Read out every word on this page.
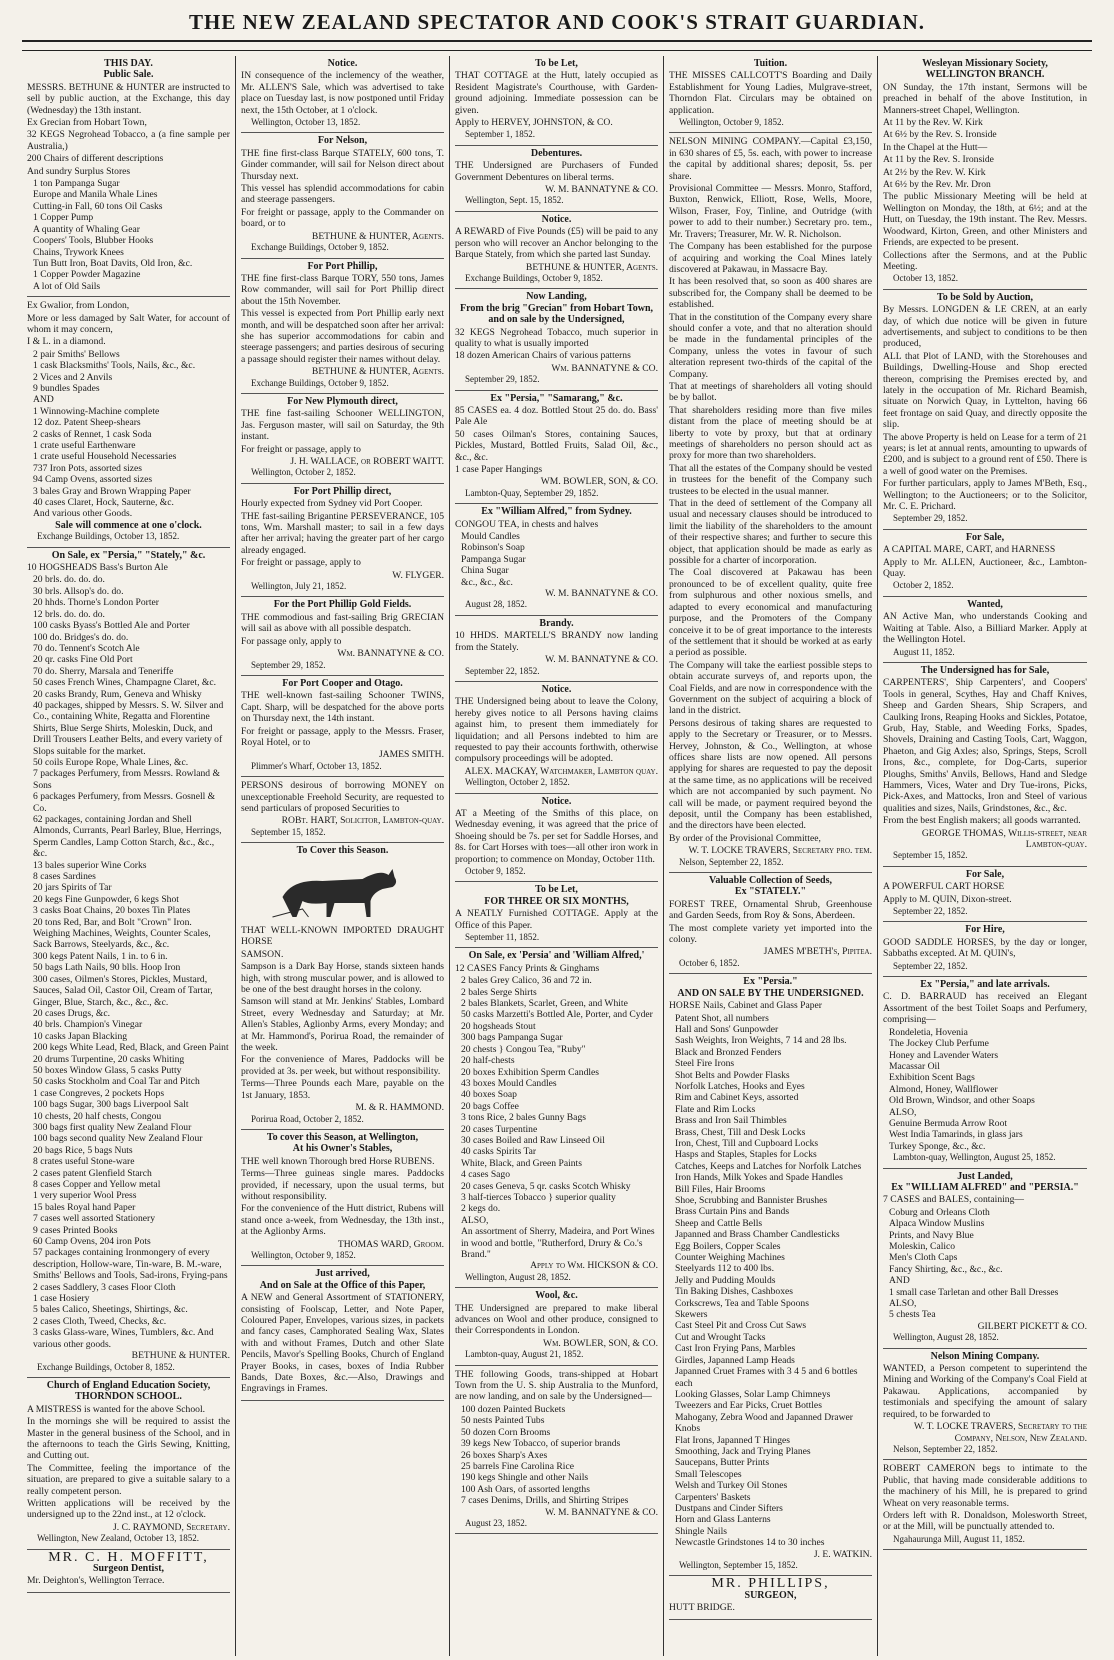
THE NEW ZEALAND SPECTATOR AND COOK'S STRAIT GUARDIAN.
THIS DAY.
Public Sale.
MESSRS. BETHUNE & HUNTER are instructed to sell by public auction, at the Exchange, this day (Wednesday) the 13th instant.
Ex Grecian from Hobart Town,
32 KEGS Negrohead Tobacco, a (a fine sample per Australia,)
200 Chairs of different descriptions
And sundry Surplus Stores
1 ton Pampanga Sugar
Europe and Manila Whale Lines
Cutting-in Fall, 60 tons Oil Casks
1 Copper Pump
A quantity of Whaling Gear
Coopers' Tools, Blubber Hooks
Chains, Trywork Knees
Tun Butt Iron, Boat Davits, Old Iron, &c.
1 Copper Powder Magazine
A lot of Old Sails
Ex Gwalior, from London,
More or less damaged by Salt Water, for account of whom it may concern,
I & L. in a diamond.
2 pair Smiths' Bellows
1 cask Blacksmiths' Tools, Nails, &c., &c.
2 Vices and 2 Anvils
9 bundles Spades
AND
1 Winnowing-Machine complete
12 doz. Patent Sheep-shears
2 casks of Rennet, 1 cask Soda
1 crate useful Earthenware
1 crate useful Household Necessaries
737 Iron Pots, assorted sizes
94 Camp Ovens, assorted sizes
3 bales Gray and Brown Wrapping Paper
40 cases Claret, Hock, Sauterne, &c.
And various other Goods.
Sale will commence at one o'clock.
Exchange Buildings, October 13, 1852.
On Sale, ex "Persia," "Stately," &c.
10 HOGSHEADS Bass's Burton Ale
20 brls. do. do. do.
30 brls. Allsop's do. do.
20 hhds. Thorne's London Porter
12 brls. do. do. do.
100 casks Byass's Bottled Ale and Porter
100 do. Bridges's do. do.
70 do. Tennent's Scotch Ale
20 qr. casks Fine Old Port
70 do. Sherry, Marsala and Teneriffe
50 cases French Wines, Champagne Claret, &c.
20 casks Brandy, Rum, Geneva and Whisky
40 packages, shipped by Messrs. S. W. Silver and Co., containing White, Regatta and Florentine Shirts, Blue Serge Shirts, Moleskin, Duck, and Drill Trousers Leather Belts, and every variety of Slops suitable for the market.
50 coils Europe Rope, Whale Lines, &c.
7 packages Perfumery, from Messrs. Rowland & Sons
6 packages Perfumery, from Messrs. Gosnell & Co.
62 packages, containing Jordan and Shell Almonds, Currants, Pearl Barley, Blue, Herrings, Sperm Candles, Lamp Cotton Starch, &c., &c., &c.
13 bales superior Wine Corks
8 cases Sardines
20 jars Spirits of Tar
20 kegs Fine Gunpowder, 6 kegs Shot
3 casks Boat Chains, 20 boxes Tin Plates
20 tons Red, Bar, and Bolt "Crown" Iron. Weighing Machines, Weights, Counter Scales, Sack Barrows, Steelyards, &c., &c.
300 kegs Patent Nails, 1 in. to 6 in.
50 bags Lath Nails, 90 blls. Hoop Iron
300 cases, Oilmen's Stores, Pickles, Mustard, Sauces, Salad Oil, Castor Oil, Cream of Tartar, Ginger, Blue, Starch, &c., &c., &c.
20 cases Drugs, &c.
40 brls. Champion's Vinegar
10 casks Japan Blacking
200 kegs White Lead, Red, Black, and Green Paint
20 drums Turpentine, 20 casks Whiting
50 boxes Window Glass, 5 casks Putty
50 casks Stockholm and Coal Tar and Pitch
1 case Congreves, 2 pockets Hops
100 bags Sugar, 300 bags Liverpool Salt
10 chests, 20 half chests, Congou
300 bags first quality New Zealand Flour
100 bags second quality New Zealand Flour
20 bags Rice, 5 bags Nuts
8 crates useful Stone-ware
2 cases patent Glenfield Starch
8 cases Copper and Yellow metal
1 very superior Wool Press
15 bales Royal hand Paper
7 cases well assorted Stationery
9 cases Printed Books
60 Camp Ovens, 204 iron Pots
57 packages containing Ironmongery of every description, Hollow-ware, Tin-ware, B. M.-ware, Smiths' Bellows and Tools, Sad-irons, Frying-pans
2 cases Saddlery, 3 cases Floor Cloth
1 case Hosiery
5 bales Calico, Sheetings, Shirtings, &c.
2 cases Cloth, Tweed, Checks, &c.
3 casks Glass-ware, Wines, Tumblers, &c. And various other goods.
BETHUNE & HUNTER.
Exchange Buildings, October 8, 1852.
Church of England Education Society,
THORNDON SCHOOL.
A MISTRESS is wanted for the above School.
In the mornings she will be required to assist the Master in the general business of the School, and in the afternoons to teach the Girls Sewing, Knitting, and Cutting out.
The Committee, feeling the importance of the situation, are prepared to give a suitable salary to a really competent person.
Written applications will be received by the undersigned up to the 22nd inst., at 12 o'clock.
J. C. RAYMOND, Secretary.
Wellington, New Zealand, October 13, 1852.
MR. C. H. MOFFITT,
Surgeon Dentist,
Mr. Deighton's, Wellington Terrace.
Notice.
IN consequence of the inclemency of the weather, Mr. ALLEN'S Sale, which was advertised to take place on Tuesday last, is now postponed until Friday next, the 15th October, at 1 o'clock.
Wellington, October 13, 1852.
For Nelson,
THE fine first-class Barque STATELY, 600 tons, T. Ginder commander, will sail for Nelson direct about Thursday next.
This vessel has splendid accommodations for cabin and steerage passengers.
For freight or passage, apply to the Commander on board, or to
BETHUNE & HUNTER, Agents.
Exchange Buildings, October 9, 1852.
For Port Phillip,
THE fine first-class Barque TORY, 550 tons, James Row commander, will sail for Port Phillip direct about the 15th November.
This vessel is expected from Port Phillip early next month, and will be despatched soon after her arrival: she has superior accommodations for cabin and steerage passengers; and parties desirous of securing a passage should register their names without delay.
BETHUNE & HUNTER, Agents.
Exchange Buildings, October 9, 1852.
For New Plymouth direct,
THE fine fast-sailing Schooner WELLINGTON, Jas. Ferguson master, will sail on Saturday, the 9th instant.
For freight or passage, apply to
J. H. WALLACE, or ROBERT WAITT.
Wellington, October 2, 1852.
For Port Phillip direct,
Hourly expected from Sydney vid Port Cooper.
THE fast-sailing Brigantine PERSEVERANCE, 105 tons, Wm. Marshall master; to sail in a few days after her arrival; having the greater part of her cargo already engaged.
For freight or passage, apply to
W. FLYGER.
Wellington, July 21, 1852.
For the Port Phillip Gold Fields.
THE commodious and fast-sailing Brig GRECIAN will sail as above with all possible despatch.
For passage only, apply to
Wm. BANNATYNE & CO.
September 29, 1852.
For Port Cooper and Otago.
THE well-known fast-sailing Schooner TWINS, Capt. Sharp, will be despatched for the above ports on Thursday next, the 14th instant.
For freight or passage, apply to the Messrs. Fraser, Royal Hotel, or to
JAMES SMITH.
Plimmer's Wharf, October 13, 1852.
PERSONS desirous of borrowing MONEY on unexceptionable Freehold Security, are requested to send particulars of proposed Securities to
ROBt. HART, Solicitor, Lambton-quay.
September 15, 1852.
To Cover this Season.
THAT WELL-KNOWN IMPORTED DRAUGHT HORSE
SAMSON.
Sampson is a Dark Bay Horse, stands sixteen hands high, with strong muscular power, and is allowed to be one of the best draught horses in the colony.
Samson will stand at Mr. Jenkins' Stables, Lombard Street, every Wednesday and Saturday; at Mr. Allen's Stables, Aglionby Arms, every Monday; and at Mr. Hammond's, Porirua Road, the remainder of the week.
For the convenience of Mares, Paddocks will be provided at 3s. per week, but without responsibility.
Terms—Three Pounds each Mare, payable on the 1st January, 1853.
M. & R. HAMMOND.
Porirua Road, October 2, 1852.
To cover this Season, at Wellington,
At his Owner's Stables,
THE well known Thorough bred Horse RUBENS.
Terms—Three guineas single mares. Paddocks provided, if necessary, upon the usual terms, but without responsibility.
For the convenience of the Hutt district, Rubens will stand once a-week, from Wednesday, the 13th inst., at the Aglionby Arms.
THOMAS WARD, Groom.
Wellington, October 9, 1852.
Just arrived,
And on Sale at the Office of this Paper,
A NEW and General Assortment of STATIONERY, consisting of Foolscap, Letter, and Note Paper, Coloured Paper, Envelopes, various sizes, in packets and fancy cases, Camphorated Sealing Wax, Slates with and without Frames, Dutch and other Slate Pencils, Mavor's Spelling Books, Church of England Prayer Books, in cases, boxes of India Rubber Bands, Date Boxes, &c.—Also, Drawings and Engravings in Frames.
To be Let,
THAT COTTAGE at the Hutt, lately occupied as Resident Magistrate's Courthouse, with Garden-ground adjoining. Immediate possession can be given.
Apply to HERVEY, JOHNSTON, & CO.
September 1, 1852.
Debentures.
THE Undersigned are Purchasers of Funded Government Debentures on liberal terms.
W. M. BANNATYNE & CO.
Wellington, Sept. 15, 1852.
Notice.
A REWARD of Five Pounds (£5) will be paid to any person who will recover an Anchor belonging to the Barque Stately, from which she parted last Sunday.
BETHUNE & HUNTER, Agents.
Exchange Buildings, October 9, 1852.
Now Landing,
From the brig "Grecian" from Hobart Town, and on sale by the Undersigned,
32 KEGS Negrohead Tobacco, much superior in quality to what is usually imported
18 dozen American Chairs of various patterns
Wm. BANNATYNE & CO.
September 29, 1852.
Ex "Persia," "Samarang," &c.
85 CASES ea. 4 doz. Bottled Stout 25 do. do. Bass' Pale Ale
50 cases Oilman's Stores, containing Sauces, Pickles, Mustard, Bottled Fruits, Salad Oil, &c., &c., &c.
1 case Paper Hangings
WM. BOWLER, SON, & CO.
Lambton-Quay, September 29, 1852.
Ex "William Alfred," from Sydney.
CONGOU TEA, in chests and halves
Mould Candles
Robinson's Soap
Pampanga Sugar
China Sugar
&c., &c., &c.
W. M. BANNATYNE & CO.
August 28, 1852.
Brandy.
10 HHDS. MARTELL'S BRANDY now landing from the Stately.
W. M. BANNATYNE & CO.
September 22, 1852.
Notice.
THE Undersigned being about to leave the Colony, hereby gives notice to all Persons having claims against him, to present them immediately for liquidation; and all Persons indebted to him are requested to pay their accounts forthwith, otherwise compulsory proceedings will be adopted.
ALEX. MACKAY, Watchmaker, Lambton quay.
Wellington, October 2, 1852.
Notice.
AT a Meeting of the Smiths of this place, on Wednesday evening, it was agreed that the price of Shoeing should be 7s. per set for Saddle Horses, and 8s. for Cart Horses with toes—all other iron work in proportion; to commence on Monday, October 11th.
October 9, 1852.
To be Let,
FOR THREE OR SIX MONTHS,
A NEATLY Furnished COTTAGE. Apply at the Office of this Paper.
September 11, 1852.
On Sale, ex 'Persia' and 'William Alfred,'
12 CASES Fancy Prints & Ginghams
2 bales Grey Calico, 36 and 72 in.
2 bales Serge Shirts
2 bales Blankets, Scarlet, Green, and White
50 casks Marzetti's Bottled Ale, Porter, and Cyder
20 hogsheads Stout
300 bags Pampanga Sugar
20 chests } Congou Tea, "Ruby"
20 half-chests
20 boxes Exhibition Sperm Candles
43 boxes Mould Candles
40 boxes Soap
20 bags Coffee
3 tons Rice, 2 bales Gunny Bags
20 cases Turpentine
30 cases Boiled and Raw Linseed Oil
40 casks Spirits Tar
White, Black, and Green Paints
4 cases Sago
20 cases Geneva, 5 qr. casks Scotch Whisky
3 half-tierces Tobacco } superior quality
2 kegs do.
ALSO,
An assortment of Sherry, Madeira, and Port Wines in wood and bottle, "Rutherford, Drury & Co.'s Brand."
Apply to Wm. HICKSON & CO.
Wellington, August 28, 1852.
Wool, &c.
THE Undersigned are prepared to make liberal advances on Wool and other produce, consigned to their Correspondents in London.
Wm. BOWLER, SON, & CO.
Lambton-quay, August 21, 1852.
THE following Goods, trans-shipped at Hobart Town from the U. S. ship Australia to the Munford, are now landing, and on sale by the Undersigned—
100 dozen Painted Buckets
50 nests Painted Tubs
50 dozen Corn Brooms
39 kegs New Tobacco, of superior brands
26 boxes Sharp's Axes
25 barrels Fine Carolina Rice
190 kegs Shingle and other Nails
100 Ash Oars, of assorted lengths
7 cases Denims, Drills, and Shirting Stripes
W. M. BANNATYNE & CO.
August 23, 1852.
Tuition.
THE MISSES CALLCOTT'S Boarding and Daily Establishment for Young Ladies, Mulgrave-street, Thorndon Flat. Circulars may be obtained on application.
Wellington, October 9, 1852.
NELSON MINING COMPANY.—Capital £3,150, in 630 shares of £5, 5s. each, with power to increase the capital by additional shares; deposit, 5s. per share.
Provisional Committee — Messrs. Monro, Stafford, Buxton, Renwick, Elliott, Rose, Wells, Moore, Wilson, Fraser, Foy, Tinline, and Outridge (with power to add to their number.) Secretary pro. tem., Mr. Travers; Treasurer, Mr. W. R. Nicholson.
The Company has been established for the purpose of acquiring and working the Coal Mines lately discovered at Pakawau, in Massacre Bay.
It has been resolved that, so soon as 400 shares are subscribed for, the Company shall be deemed to be established.
That in the constitution of the Company every share should confer a vote, and that no alteration should be made in the fundamental principles of the Company, unless the votes in favour of such alteration represent two-thirds of the capital of the Company.
That at meetings of shareholders all voting should be by ballot.
That shareholders residing more than five miles distant from the place of meeting should be at liberty to vote by proxy, but that at ordinary meetings of shareholders no person should act as proxy for more than two shareholders.
That all the estates of the Company should be vested in trustees for the benefit of the Company such trustees to be elected in the usual manner.
That in the deed of settlement of the Company all usual and necessary clauses should be introduced to limit the liability of the shareholders to the amount of their respective shares; and further to secure this object, that application should be made as early as possible for a charter of incorporation.
The Coal discovered at Pakawau has been pronounced to be of excellent quality, quite free from sulphurous and other noxious smells, and adapted to every economical and manufacturing purpose, and the Promoters of the Company conceive it to be of great importance to the interests of the settlement that it should be worked at as early a period as possible.
The Company will take the earliest possible steps to obtain accurate surveys of, and reports upon, the Coal Fields, and are now in correspondence with the Government on the subject of acquiring a block of land in the district.
Persons desirous of taking shares are requested to apply to the Secretary or Treasurer, or to Messrs. Hervey, Johnston, & Co., Wellington, at whose offices share lists are now opened. All persons applying for shares are requested to pay the deposit at the same time, as no applications will be received which are not accompanied by such payment. No call will be made, or payment required beyond the deposit, until the Company has been established, and the directors have been elected.
By order of the Provisional Committee,
W. T. LOCKE TRAVERS, Secretary pro. tem.
Nelson, September 22, 1852.
Valuable Collection of Seeds,
Ex "STATELY."
FOREST TREE, Ornamental Shrub, Greenhouse and Garden Seeds, from Roy & Sons, Aberdeen.
The most complete variety yet imported into the colony.
JAMES M'BETH's, Pipitea.
October 6, 1852.
Ex "Persia."
AND ON SALE BY THE UNDERSIGNED.
HORSE Nails, Cabinet and Glass Paper
Patent Shot, all numbers
Hall and Sons' Gunpowder
Sash Weights, Iron Weights, 7 14 and 28 lbs.
Black and Bronzed Fenders
Steel Fire Irons
Shot Belts and Powder Flasks
Norfolk Latches, Hooks and Eyes
Rim and Cabinet Keys, assorted
Flate and Rim Locks
Brass and Iron Sail Thimbles
Brass, Chest, Till and Desk Locks
Iron, Chest, Till and Cupboard Locks
Hasps and Staples, Staples for Locks
Catches, Keeps and Latches for Norfolk Latches
Iron Hands, Milk Yokes and Spade Handles
Bill Files, Hair Brooms
Shoe, Scrubbing and Bannister Brushes
Brass Curtain Pins and Bands
Sheep and Cattle Bells
Japanned and Brass Chamber Candlesticks
Egg Boilers, Copper Scales
Counter Weighing Machines
Steelyards 112 to 400 lbs.
Jelly and Pudding Moulds
Tin Baking Dishes, Cashboxes
Corkscrews, Tea and Table Spoons
Skewers
Cast Steel Pit and Cross Cut Saws
Cut and Wrought Tacks
Cast Iron Frying Pans, Marbles
Girdles, Japanned Lamp Heads
Japanned Cruet Frames with 3 4 5 and 6 bottles each
Looking Glasses, Solar Lamp Chimneys
Tweezers and Ear Picks, Cruet Bottles
Mahogany, Zebra Wood and Japanned Drawer Knobs
Flat Irons, Japanned T Hinges
Smoothing, Jack and Trying Planes
Saucepans, Butter Prints
Small Telescopes
Welsh and Turkey Oil Stones
Carpenters' Baskets
Dustpans and Cinder Sifters
Horn and Glass Lanterns
Shingle Nails
Newcastle Grindstones 14 to 30 inches
J. E. WATKIN.
Wellington, September 15, 1852.
MR. PHILLIPS,
SURGEON,
HUTT BRIDGE.
Wesleyan Missionary Society,
WELLINGTON BRANCH.
ON Sunday, the 17th instant, Sermons will be preached in behalf of the above Institution, in Manners-street Chapel, Wellington.
At 11 by the Rev. W. Kirk
At 6½ by the Rev. S. Ironside
In the Chapel at the Hutt—
At 11 by the Rev. S. Ironside
At 2½ by the Rev. W. Kirk
At 6½ by the Rev. Mr. Dron
The public Missionary Meeting will be held at Wellington on Monday, the 18th, at 6½; and at the Hutt, on Tuesday, the 19th instant. The Rev. Messrs. Woodward, Kirton, Green, and other Ministers and Friends, are expected to be present.
Collections after the Sermons, and at the Public Meeting.
October 13, 1852.
To be Sold by Auction,
By Messrs. LONGDEN & LE CREN, at an early day, of which due notice will be given in future advertisements, and subject to conditions to be then produced,
ALL that Plot of LAND, with the Storehouses and Buildings, Dwelling-House and Shop erected thereon, comprising the Premises erected by, and lately in the occupation of Mr. Richard Beamish, situate on Norwich Quay, in Lyttelton, having 66 feet frontage on said Quay, and directly opposite the slip.
The above Property is held on Lease for a term of 21 years; is let at annual rents, amounting to upwards of £200, and is subject to a ground rent of £50. There is a well of good water on the Premises.
For further particulars, apply to James M'Beth, Esq., Wellington; to the Auctioneers; or to the Solicitor, Mr. C. E. Prichard.
September 29, 1852.
For Sale,
A CAPITAL MARE, CART, and HARNESS
Apply to Mr. ALLEN, Auctioneer, &c., Lambton-Quay.
October 2, 1852.
Wanted,
AN Active Man, who understands Cooking and Waiting at Table. Also, a Billiard Marker. Apply at the Wellington Hotel.
August 11, 1852.
The Undersigned has for Sale,
CARPENTERS', Ship Carpenters', and Coopers' Tools in general, Scythes, Hay and Chaff Knives, Sheep and Garden Shears, Ship Scrapers, and Caulking Irons, Reaping Hooks and Sickles, Potatoe, Grub, Hay, Stable, and Weeding Forks, Spades, Shovels, Draining and Casting Tools, Cart, Waggon, Phaeton, and Gig Axles; also, Springs, Steps, Scroll Irons, &c., complete, for Dog-Carts, superior Ploughs, Smiths' Anvils, Bellows, Hand and Sledge Hammers, Vices, Water and Dry Tue-irons, Picks, Pick-Axes, and Mattocks, Iron and Steel of various qualities and sizes, Nails, Grindstones, &c., &c.
From the best English makers; all goods warranted.
GEORGE THOMAS, Willis-street, near Lambton-quay.
September 15, 1852.
For Sale,
A POWERFUL CART HORSE
Apply to M. QUIN, Dixon-street.
September 22, 1852.
For Hire,
GOOD SADDLE HORSES, by the day or longer, Sabbaths excepted. At M. QUIN's,
September 22, 1852.
Ex "Persia," and late arrivals.
C. D. BARRAUD has received an Elegant Assortment of the best Toilet Soaps and Perfumery, comprising—
Rondeletia, Hovenia
The Jockey Club Perfume
Honey and Lavender Waters
Macassar Oil
Exhibition Scent Bags
Almond, Honey, Wallflower
Old Brown, Windsor, and other Soaps
ALSO,
Genuine Bermuda Arrow Root
West India Tamarinds, in glass jars
Turkey Sponge, &c., &c.
Lambton-quay, Wellington, August 25, 1852.
Just Landed,
Ex "WILLIAM ALFRED" and "PERSIA."
7 CASES and BALES, containing—
Coburg and Orleans Cloth
Alpaca Window Muslins
Prints, and Navy Blue
Moleskin, Calico
Men's Cloth Caps
Fancy Shirting, &c., &c., &c.
AND
1 small case Tarletan and other Ball Dresses
ALSO,
5 chests Tea
GILBERT PICKETT & CO.
Wellington, August 28, 1852.
Nelson Mining Company.
WANTED, a Person competent to superintend the Mining and Working of the Company's Coal Field at Pakawau. Applications, accompanied by testimonials and specifying the amount of salary required, to be forwarded to
W. T. LOCKE TRAVERS, Secretary to the Company, Nelson, New Zealand.
Nelson, September 22, 1852.
ROBERT CAMERON begs to intimate to the Public, that having made considerable additions to the machinery of his Mill, he is prepared to grind Wheat on very reasonable terms.
Orders left with R. Donaldson, Molesworth Street, or at the Mill, will be punctually attended to.
Ngahaurunga Mill, August 11, 1852.
